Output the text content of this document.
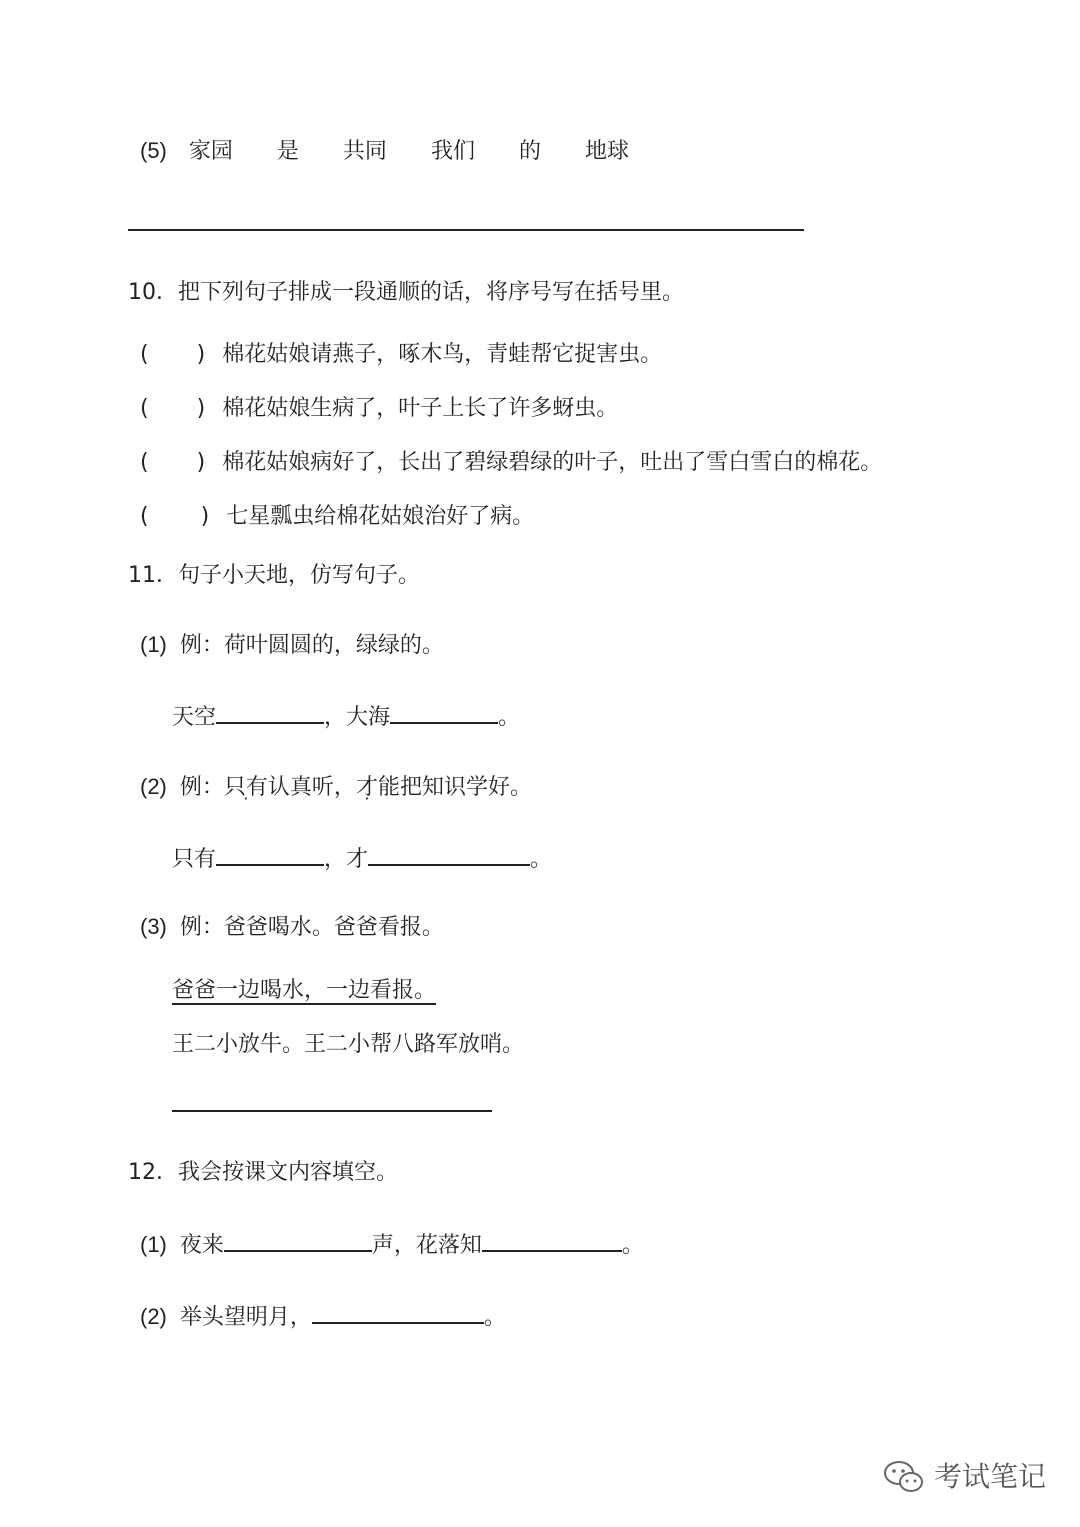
(5) 家园 是 共同 我们 的 地球
10．把下列句子排成一段通顺的话，将序号写在括号里。
( ) 棉花姑娘请燕子，啄木鸟，青蛙帮它捉害虫。
( ) 棉花姑娘生病了，叶子上长了许多蚜虫。
( ) 棉花姑娘病好了，长出了碧绿碧绿的叶子，吐出了雪白雪白的棉花。
( ) 七星瓢虫给棉花姑娘治好了病。
11．句子小天地，仿写句子。
(1) 例：荷叶圆圆的，绿绿的。
天空	，大海	。
(2) 例：只有认真听，才能把知识学好。
只有	，才	。
(3) 例：爸爸喝水。爸爸看报。
爸爸一边喝水，一边看报。
王二小放牛。王二小帮八路军放哨。
12．我会按课文内容填空。
(1) 夜来	声，花落知	。
(2) 举头望明月，	。
考试笔记
